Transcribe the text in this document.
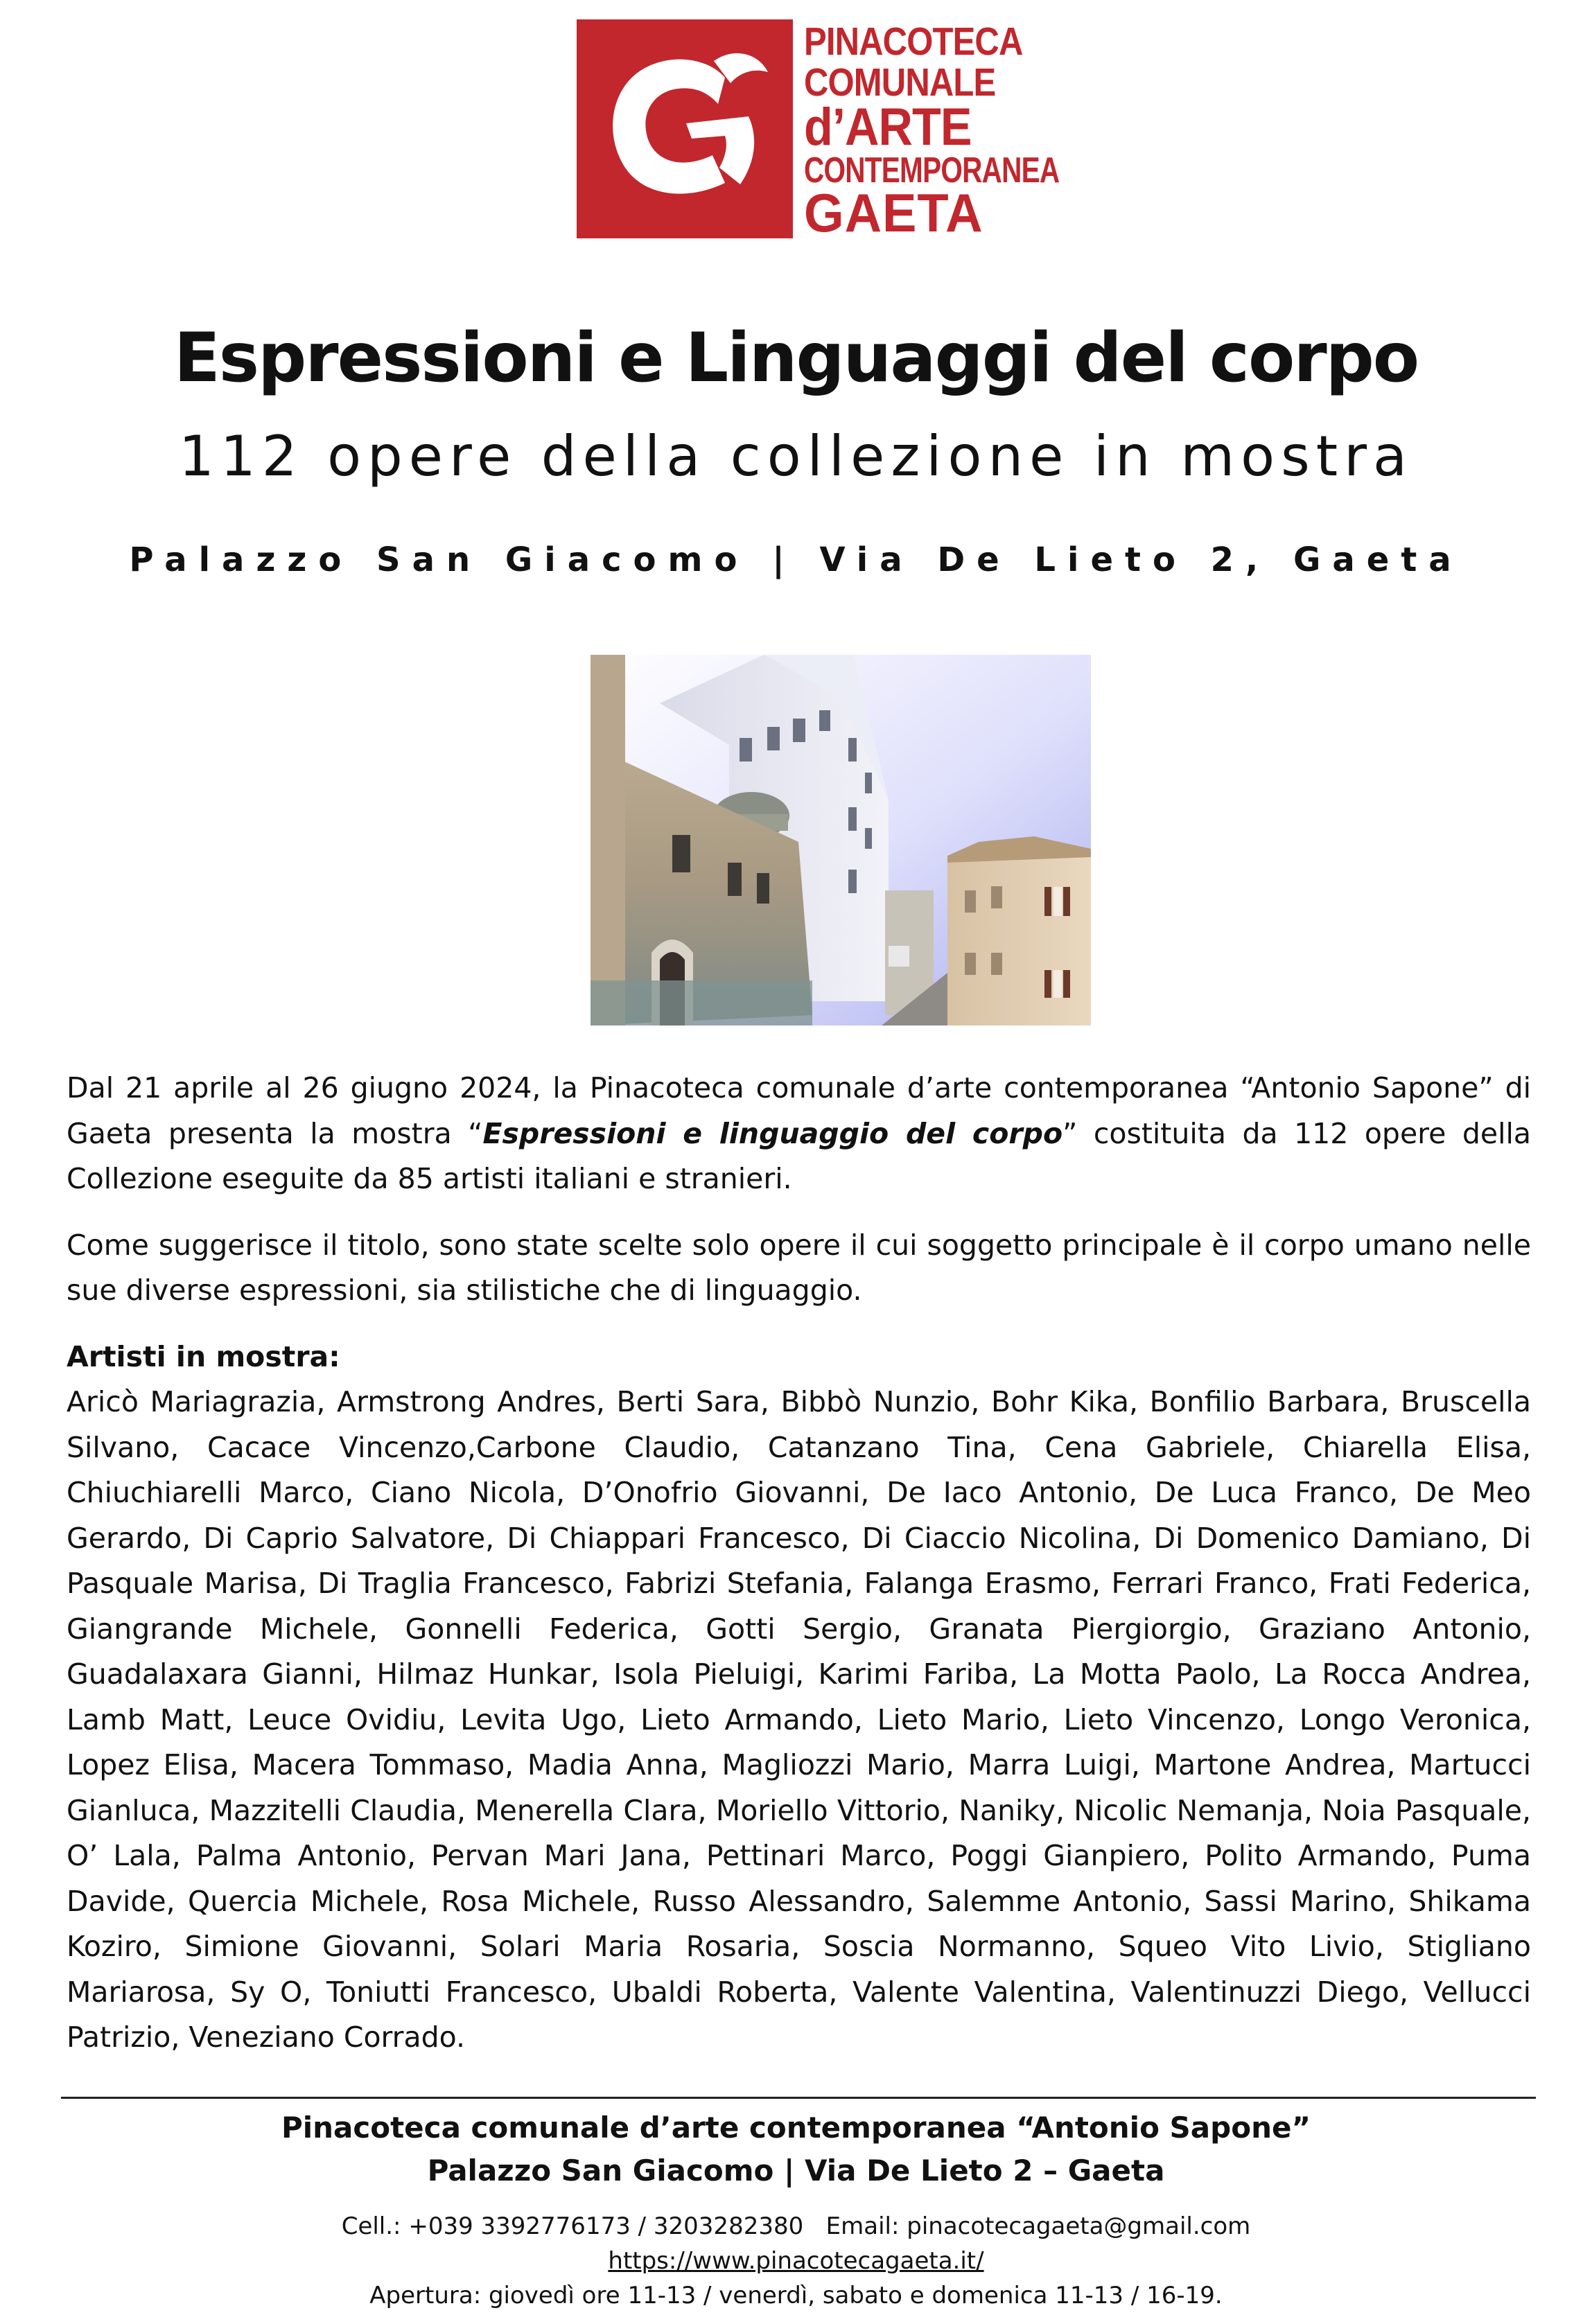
PINACOTECA
COMUNALE
d’ARTE
CONTEMPORANEA
GAETA
Espressioni e Linguaggi del corpo
112 opere della collezione in mostra
Palazzo San Giacomo | Via De Lieto 2, Gaeta

Dal 21 aprile al 26 giugno 2024, la Pinacoteca comunale d’arte contemporanea “Antonio Sapone” di Gaeta presenta la mostra “Espressioni e linguaggio del corpo” costituita da 112 opere della Collezione eseguite da 85 artisti italiani e stranieri.

Come suggerisce il titolo, sono state scelte solo opere il cui soggetto principale è il corpo umano nelle sue diverse espressioni, sia stilistiche che di linguaggio.

Artisti in mostra:

Aricò Mariagrazia, Armstrong Andres, Berti Sara, Bibbò Nunzio, Bohr Kika, Bonfilio Barbara, Bruscella Silvano, Cacace Vincenzo,Carbone Claudio, Catanzano Tina, Cena Gabriele, Chiarella Elisa, Chiuchiarelli Marco, Ciano Nicola, D’Onofrio Giovanni, De Iaco Antonio, De Luca Franco, De Meo Gerardo, Di Caprio Salvatore, Di Chiappari Francesco, Di Ciaccio Nicolina, Di Domenico Damiano, Di Pasquale Marisa, Di Traglia Francesco, Fabrizi Stefania, Falanga Erasmo, Ferrari Franco, Frati Federica, Giangrande Michele, Gonnelli Federica, Gotti Sergio, Granata Piergiorgio, Graziano Antonio, Guadalaxara Gianni, Hilmaz Hunkar, Isola Pieluigi, Karimi Fariba, La Motta Paolo, La Rocca Andrea, Lamb Matt, Leuce Ovidiu, Levita Ugo, Lieto Armando, Lieto Mario, Lieto Vincenzo, Longo Veronica, Lopez Elisa, Macera Tommaso, Madia Anna, Magliozzi Mario, Marra Luigi, Martone Andrea, Martucci Gianluca, Mazzitelli Claudia, Menerella Clara, Moriello Vittorio, Naniky, Nicolic Nemanja, Noia Pasquale, O’ Lala, Palma Antonio, Pervan Mari Jana, Pettinari Marco, Poggi Gianpiero, Polito Armando, Puma Davide, Quercia Michele, Rosa Michele, Russo Alessandro, Salemme Antonio, Sassi Marino, Shikama Koziro, Simione Giovanni, Solari Maria Rosaria, Soscia Normanno, Squeo Vito Livio, Stigliano Mariarosa, Sy O, Toniutti Francesco, Ubaldi Roberta, Valente Valentina, Valentinuzzi Diego, Vellucci Patrizio, Veneziano Corrado.

Pinacoteca comunale d’arte contemporanea “Antonio Sapone”
Palazzo San Giacomo | Via De Lieto 2 – Gaeta
Cell.: +039 3392776173 / 3203282380   Email: pinacotecagaeta@gmail.com
https://www.pinacotecagaeta.it/
Apertura: giovedì ore 11-13 / venerdì, sabato e domenica 11-13 / 16-19.
